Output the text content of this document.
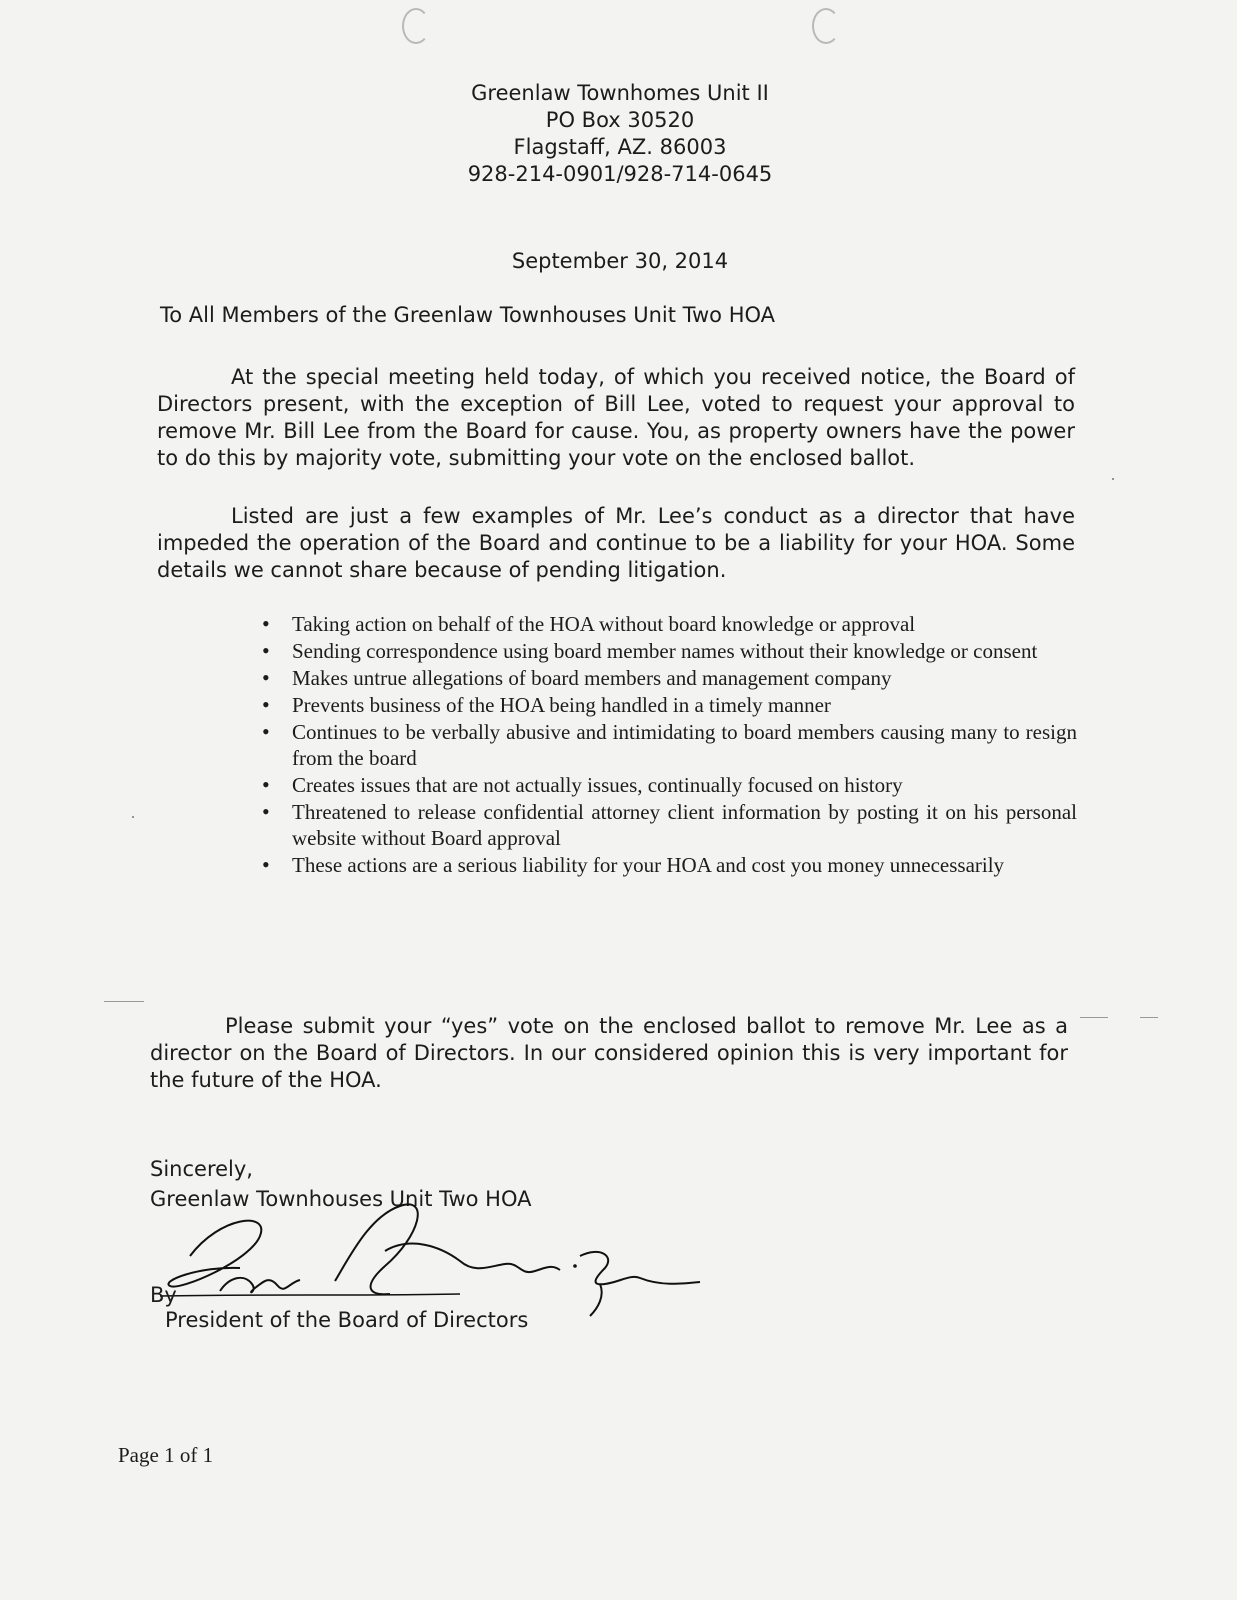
Greenlaw Townhomes Unit II
PO Box 30520
Flagstaff, AZ. 86003
928-214-0901/928-714-0645
September 30, 2014
To All Members of the Greenlaw Townhouses Unit Two HOA
At the special meeting held today, of which you received notice, the Board of Directors present, with the exception of Bill Lee, voted to request your approval to remove Mr. Bill Lee from the Board for cause. You, as property owners have the power to do this by majority vote, submitting your vote on the enclosed ballot.
Listed are just a few examples of Mr. Lee’s conduct as a director that have impeded the operation of the Board and continue to be a liability for your HOA. Some details we cannot share because of pending litigation.
• Taking action on behalf of the HOA without board knowledge or approval
• Sending correspondence using board member names without their knowledge or consent
• Makes untrue allegations of board members and management company
• Prevents business of the HOA being handled in a timely manner
• Continues to be verbally abusive and intimidating to board members causing many to resign from the board
• Creates issues that are not actually issues, continually focused on history
• Threatened to release confidential attorney client information by posting it on his personal website without Board approval
• These actions are a serious liability for your HOA and cost you money unnecessarily
Please submit your “yes” vote on the enclosed ballot to remove Mr. Lee as a director on the Board of Directors. In our considered opinion this is very important for the future of the HOA.
Sincerely,
Greenlaw Townhouses Unit Two HOA
By
President of the Board of Directors
Page 1 of 1
